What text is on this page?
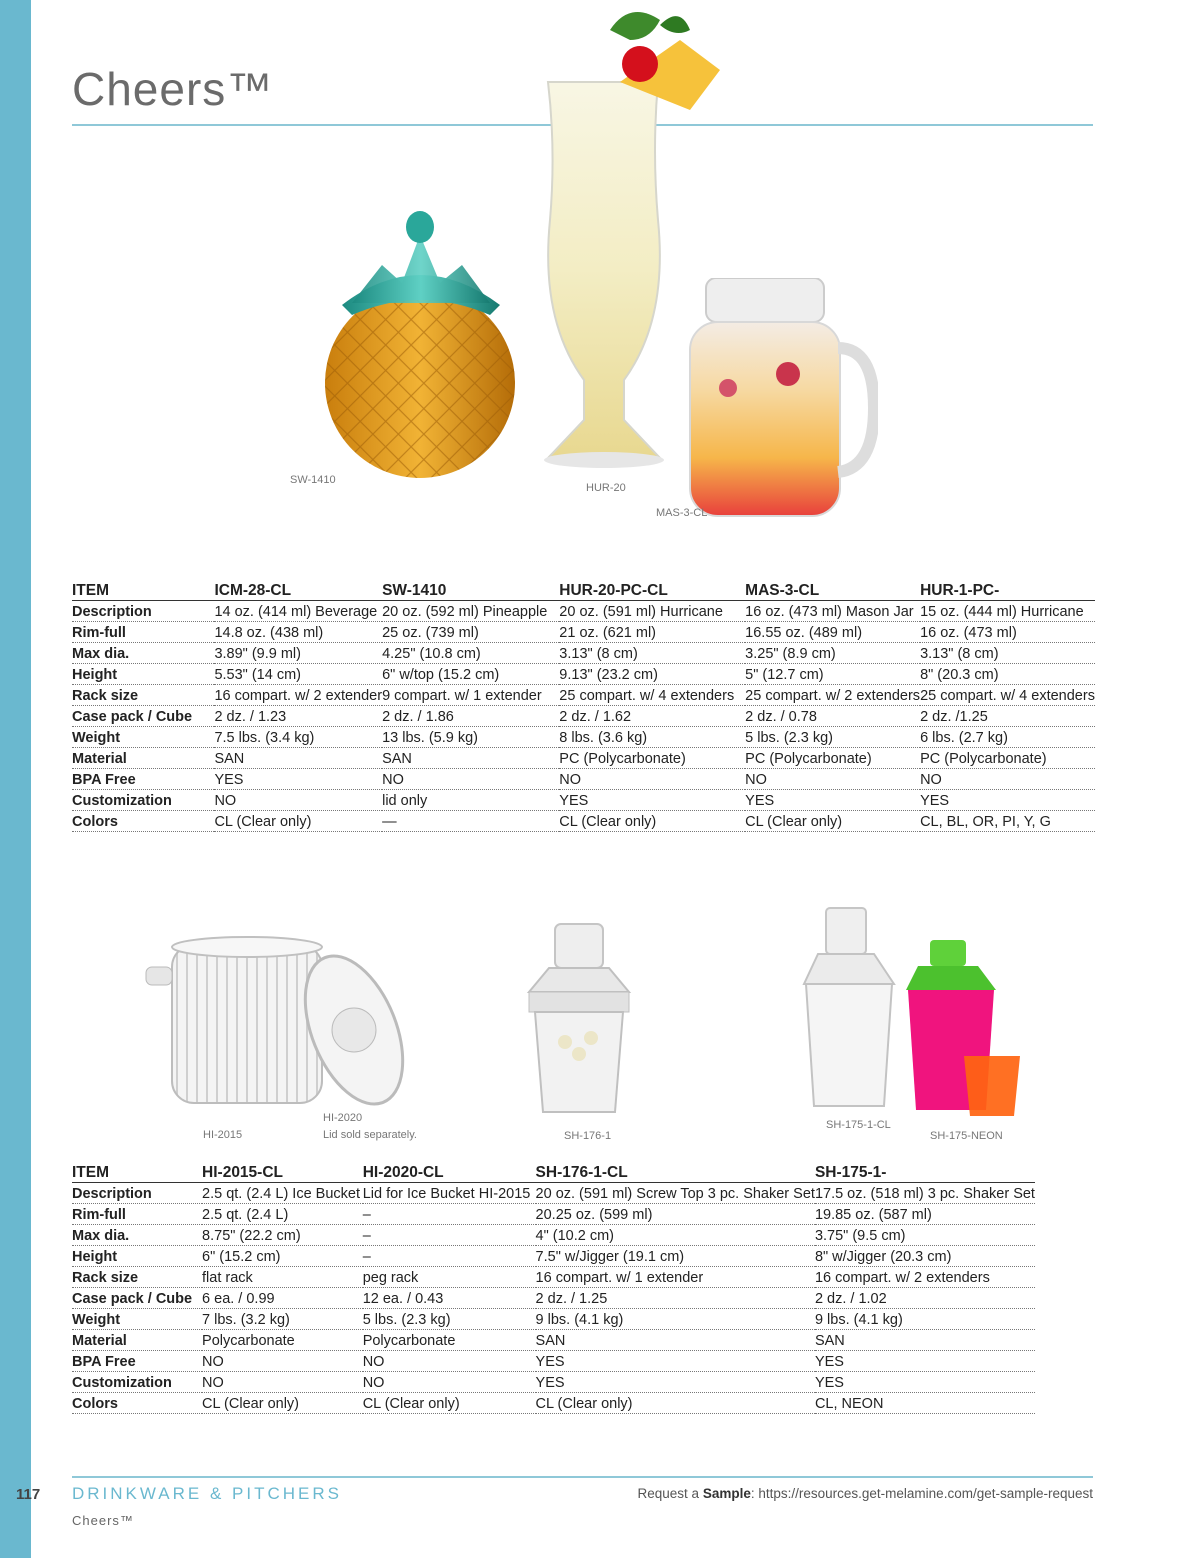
Cheers™
SW-1410
HUR-20
MAS-3-CL
ITEM	ICM-28-CL	SW-1410	HUR-20-PC-CL	MAS-3-CL	HUR-1-PC-
Description	14 oz. (414 ml) Beverage	20 oz. (592 ml) Pineapple	20 oz. (591 ml) Hurricane	16 oz. (473 ml) Mason Jar	15 oz. (444 ml) Hurricane
Rim-full	14.8 oz. (438 ml)	25 oz. (739 ml)	21 oz. (621 ml)	16.55 oz. (489 ml)	16 oz. (473 ml)
Max dia.	3.89" (9.9 ml)	4.25" (10.8 cm)	3.13" (8 cm)	3.25" (8.9 cm)	3.13" (8 cm)
Height	5.53" (14 cm)	6" w/top (15.2 cm)	9.13" (23.2 cm)	5" (12.7 cm)	8" (20.3 cm)
Rack size	16 compart. w/ 2 extender	9 compart. w/ 1 extender	25 compart. w/ 4 extenders	25 compart. w/ 2 extenders	25 compart. w/ 4 extenders
Case pack / Cube	2 dz. / 1.23	2 dz. / 1.86	2 dz. / 1.62	2 dz. / 0.78	2 dz. /1.25
Weight	7.5 lbs. (3.4 kg)	13 lbs. (5.9 kg)	8 lbs. (3.6 kg)	5 lbs. (2.3 kg)	6 lbs. (2.7 kg)
Material	SAN	SAN	PC (Polycarbonate)	PC (Polycarbonate)	PC (Polycarbonate)
BPA Free	YES	NO	NO	NO	NO
Customization	NO	lid only	YES	YES	YES
Colors	CL (Clear only)	—	CL (Clear only)	CL (Clear only)	CL, BL, OR, PI, Y, G
HI-2015
HI-2020
Lid sold separately.	SH-176-1
SH-175-1-CL
SH-175-NEON
ITEM	HI-2015-CL	HI-2020-CL	SH-176-1-CL	SH-175-1-
Description	2.5 qt. (2.4 L) Ice Bucket	Lid for Ice Bucket HI-2015	20 oz. (591 ml) Screw Top 3 pc. Shaker Set	17.5 oz. (518 ml) 3 pc. Shaker Set
Rim-full	2.5 qt. (2.4 L)	–	20.25 oz. (599 ml)	19.85 oz. (587 ml)
Max dia.	8.75" (22.2 cm)	–	4" (10.2 cm)	3.75" (9.5 cm)
Height	6" (15.2 cm)	–	7.5" w/Jigger (19.1 cm)	8" w/Jigger (20.3 cm)
Rack size	flat rack	peg rack	16 compart. w/ 1 extender	16 compart. w/ 2 extenders
Case pack / Cube	6 ea. / 0.99	12 ea. / 0.43	2 dz. / 1.25	2 dz. / 1.02
Weight	7 lbs. (3.2 kg)	5 lbs. (2.3 kg)	9 lbs. (4.1 kg)	9 lbs. (4.1 kg)
Material	Polycarbonate	Polycarbonate	SAN	SAN
BPA Free	NO	NO	YES	YES
Customization	NO	NO	YES	YES
Colors	CL (Clear only)	CL (Clear only)	CL (Clear only)	CL, NEON
117 DRINKWARE & PITCHERS
Cheers™
Request a Sample: https://resources.get-melamine.com/get-sample-request
